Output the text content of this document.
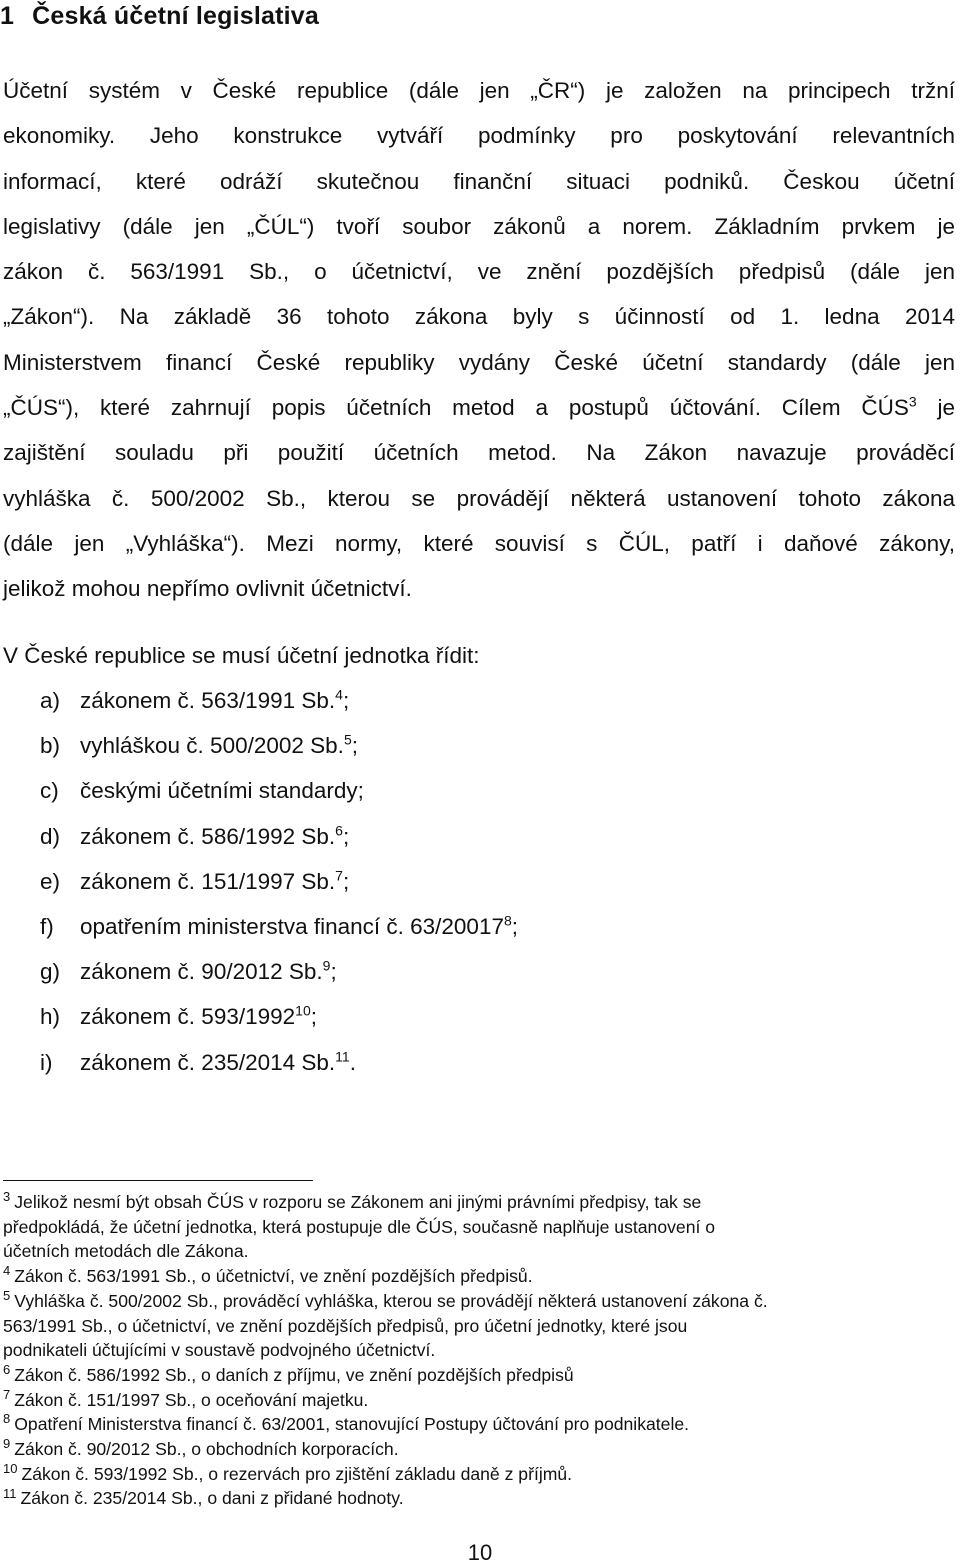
1 Česká účetní legislativa
Účetní systém v České republice (dále jen „ČR“) je založen na principech tržní
ekonomiky. Jeho konstrukce vytváří podmínky pro poskytování relevantních
informací, které odráží skutečnou finanční situaci podniků. Českou účetní
legislativy (dále jen „ČÚL“) tvoří soubor zákonů a norem. Základním prvkem je
zákon č. 563/1991 Sb., o účetnictví, ve znění pozdějších předpisů (dále jen
„Zákon“). Na základě 36 tohoto zákona byly s účinností od 1. ledna 2014
Ministerstvem financí České republiky vydány České účetní standardy (dále jen
„ČÚS“), které zahrnují popis účetních metod a postupů účtování. Cílem ČÚS$^3$ je
zajištění souladu při použití účetních metod. Na Zákon navazuje prováděcí
vyhláška č. 500/2002 Sb., kterou se provádějí některá ustanovení tohoto zákona
(dále jen „Vyhláška“). Mezi normy, které souvisí s ČÚL, patří i daňové zákony,
jelikož mohou nepřímo ovlivnit účetnictví.
V České republice se musí účetní jednotka řídit:
a) zákonem č. 563/1991 Sb.$^4$;
b) vyhláškou č. 500/2002 Sb.$^5$;
c) českými účetními standardy;
d) zákonem č. 586/1992 Sb.$^6$;
e) zákonem č. 151/1997 Sb.$^7$;
f) opatřením ministerstva financí č. 63/20017$^8$;
g) zákonem č. 90/2012 Sb.$^9$;
h) zákonem č. 593/1992$^{10}$;
i) zákonem č. 235/2014 Sb.$^{11}$.
$^3$ Jelikož nesmí být obsah ČÚS v rozporu se Zákonem ani jinými právními předpisy, tak se
předpokládá, že účetní jednotka, která postupuje dle ČÚS, současně naplňuje ustanovení o
účetních metodách dle Zákona.
$^4$ Zákon č. 563/1991 Sb., o účetnictví, ve znění pozdějších předpisů.
$^5$ Vyhláška č. 500/2002 Sb., prováděcí vyhláška, kterou se provádějí některá ustanovení zákona č.
563/1991 Sb., o účetnictví, ve znění pozdějších předpisů, pro účetní jednotky, které jsou
podnikateli účtujícími v soustavě podvojného účetnictví.
$^6$ Zákon č. 586/1992 Sb., o daních z příjmu, ve znění pozdějších předpisů
$^7$ Zákon č. 151/1997 Sb., o oceňování majetku.
$^8$ Opatření Ministerstva financí č. 63/2001, stanovující Postupy účtování pro podnikatele.
$^9$ Zákon č. 90/2012 Sb., o obchodních korporacích.
$^{10}$ Zákon č. 593/1992 Sb., o rezervách pro zjištění základu daně z příjmů.
$^{11}$ Zákon č. 235/2014 Sb., o dani z přidané hodnoty.
10
